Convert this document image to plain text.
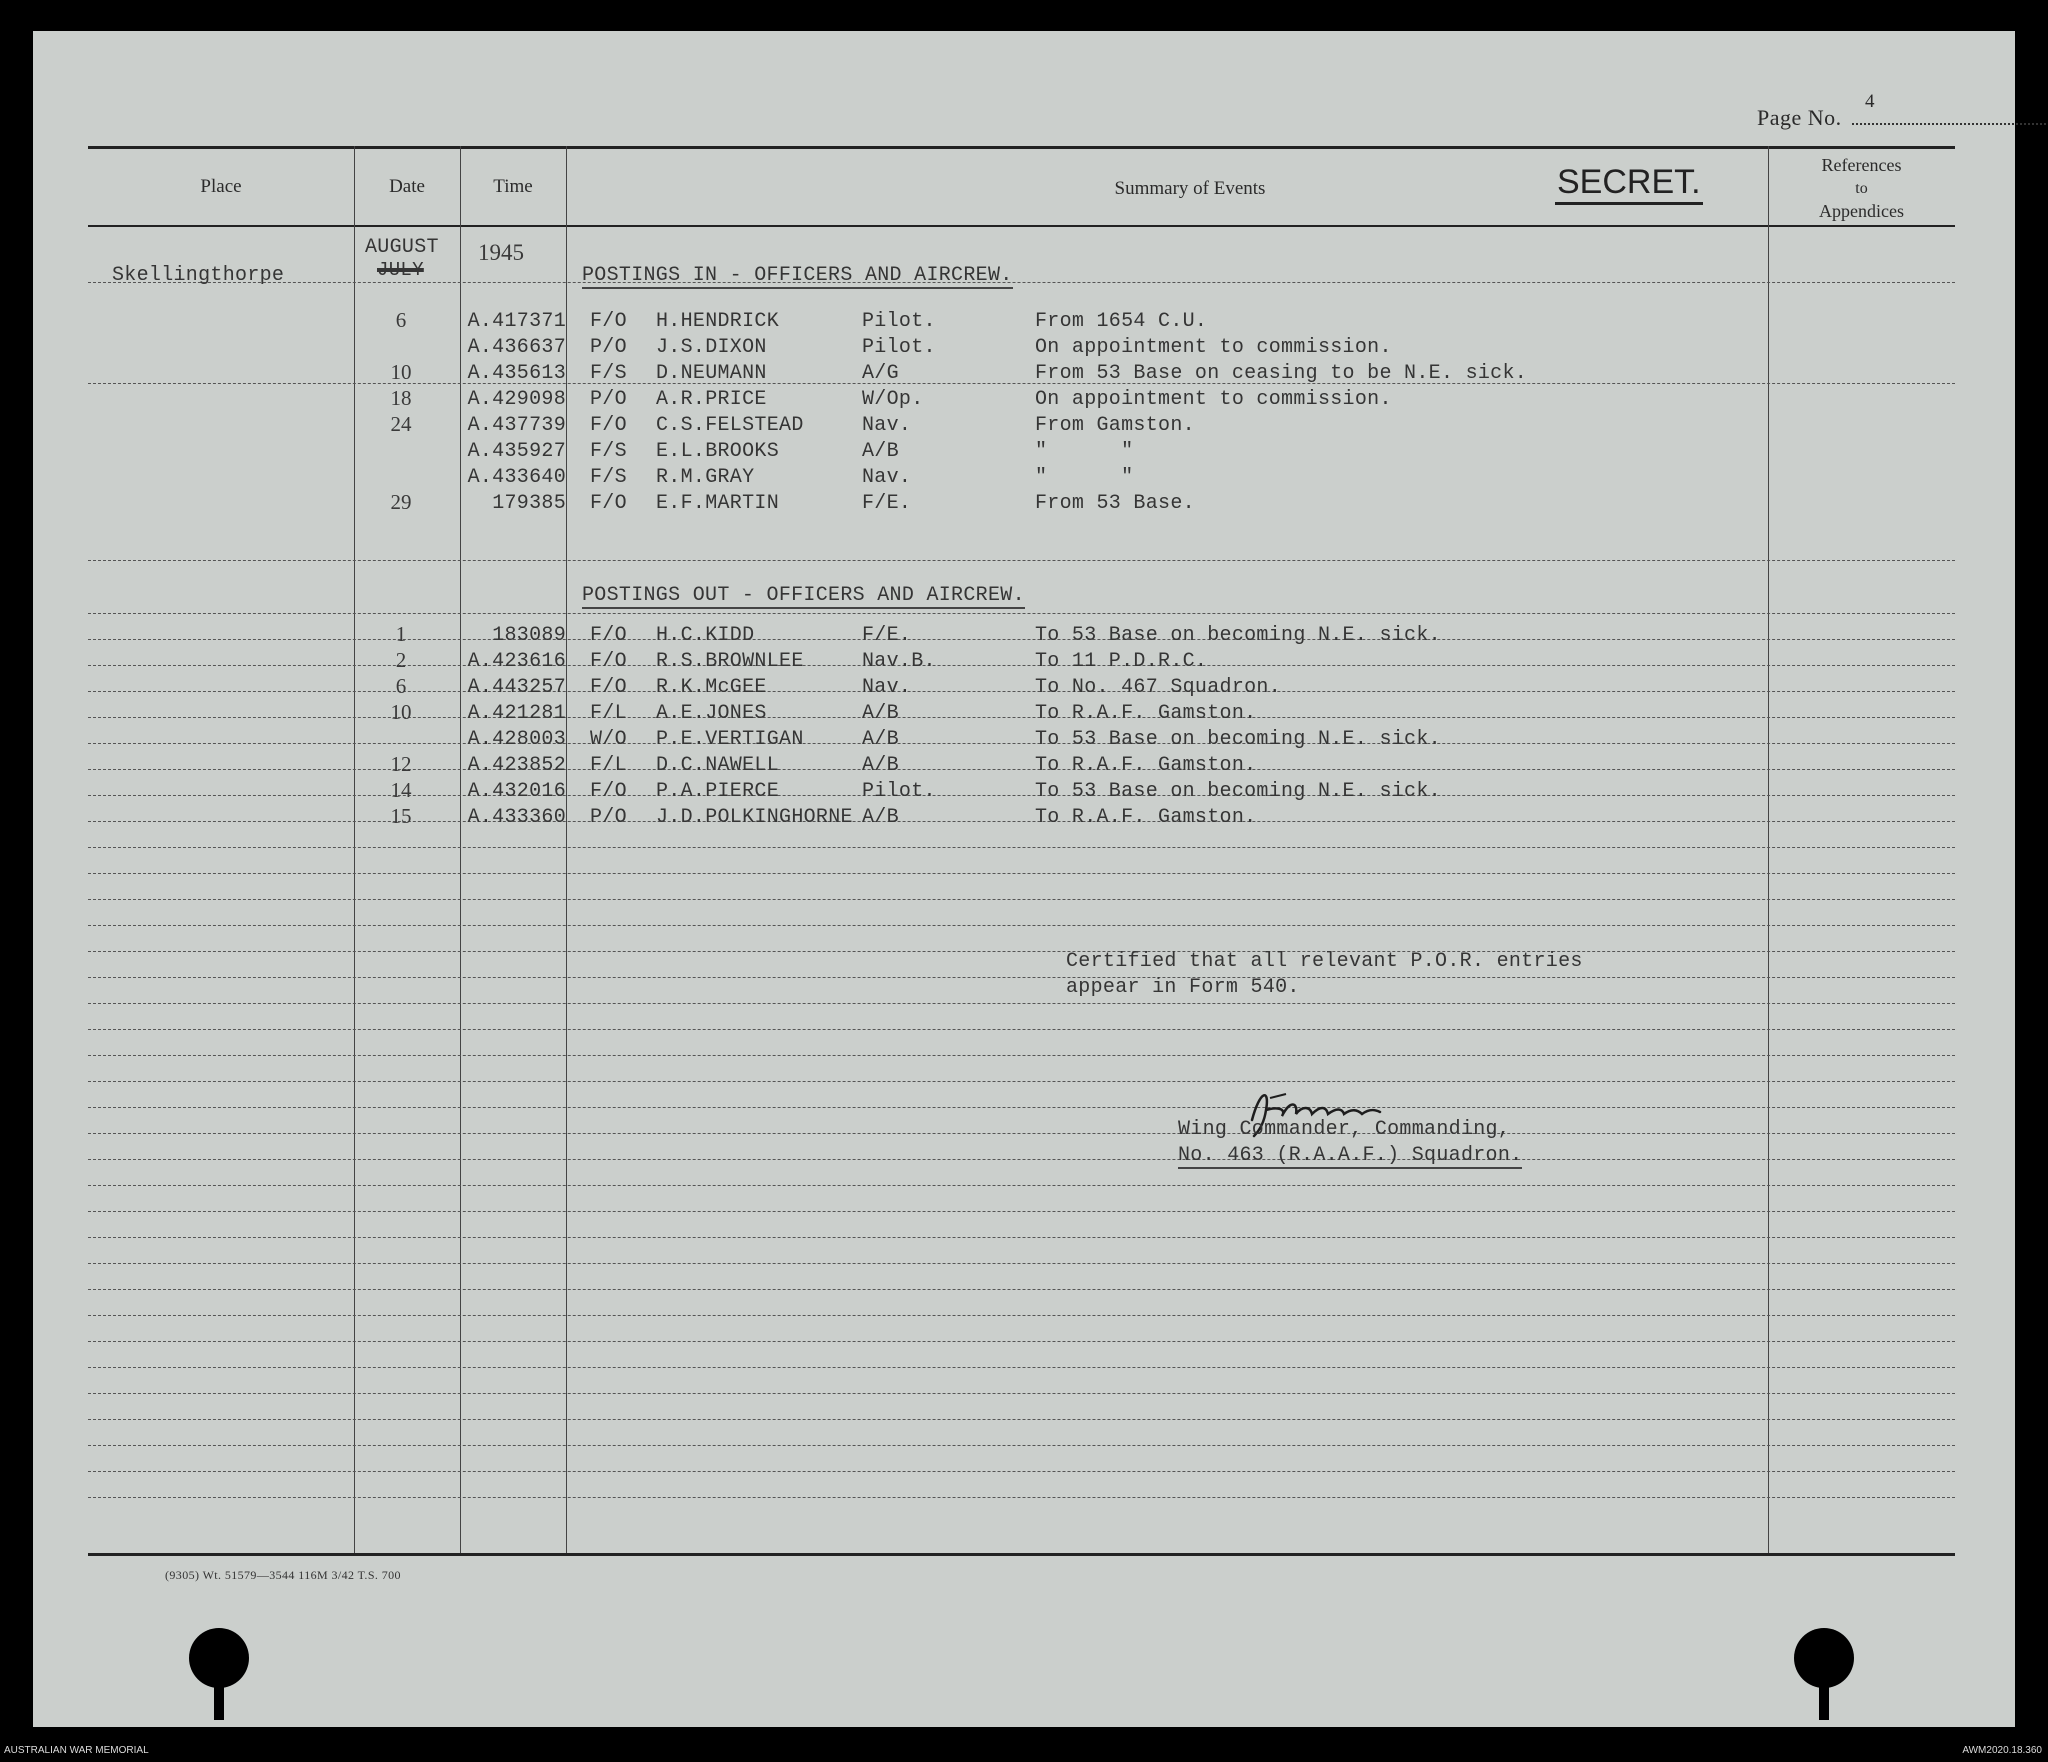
Page No.
4
Place	Date	Time	Summary of Events	SECRET.	References
to
Appendices
AUGUST
JULY
1945
Skellingthorpe	POSTINGS IN - OFFICERS AND AIRCREW.
POSTINGS OUT - OFFICERS AND AIRCREW.
6	A.417371 F/O H.HENDRICK	Pilot.	From 1654 C.U.
A.436637 P/O J.S.DIXON	Pilot.	On appointment to commission.
10	A.435613 F/S D.NEUMANN	A/G	From 53 Base on ceasing to be N.E. sick.
18	A.429098 P/O A.R.PRICE	W/Op.	On appointment to commission.
24	A.437739 F/O C.S.FELSTEAD	Nav.	From Gamston.
A.435927 F/S E.L.BROOKS	A/B	"      "
A.433640 F/S R.M.GRAY	Nav.	"      "
29	179385 F/O E.F.MARTIN	F/E.	From 53 Base.
1	183089 F/O H.C.KIDD	F/E.	To 53 Base on becoming N.E. sick.
2	A.423616 F/O R.S.BROWNLEE	Nav.B.	To 11 P.D.R.C.
6	A.443257 F/O R.K.McGEE	Nav.	To No. 467 Squadron.
10	A.421281 F/L A.E.JONES	A/B	To R.A.F. Gamston.
A.428003 W/O P.E.VERTIGAN	A/B	To 53 Base on becoming N.E. sick.
12	A.423852 F/L D.C.NAWELL	A/B	To R.A.F. Gamston.
14	A.432016 F/O P.A.PIERCE	Pilot.	To 53 Base on becoming N.E. sick.
15	A.433360 P/O J.D.POLKINGHORNE A/B	To R.A.F. Gamston.
Certified that all relevant P.O.R. entries
appear in Form 540.
Wing Commander, Commanding,
No. 463 (R.A.A.F.) Squadron.
(9305) Wt. 51579—3544 116M 3/42 T.S. 700
AUSTRALIAN WAR MEMORIAL	AWM2020.18.360
